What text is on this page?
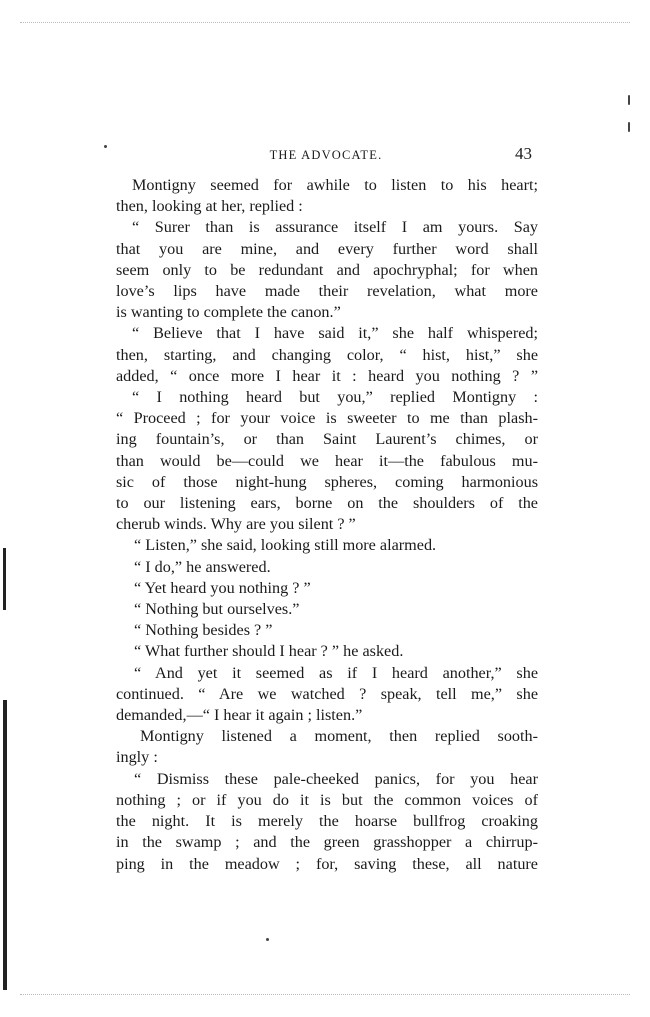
THE ADVOCATE.	43
Montigny seemed for awhile to listen to his heart;
then, looking at her, replied :
“ Surer than is assurance itself I am yours. Say
that you are mine, and every further word shall
seem only to be redundant and apochryphal; for when
love’s lips have made their revelation, what more
is wanting to complete the canon.”
“ Believe that I have said it,” she half whispered;
then, starting, and changing color, “ hist, hist,” she
added, “ once more I hear it : heard you nothing ? ”
“ I nothing heard but you,” replied Montigny :
“ Proceed ; for your voice is sweeter to me than plash-
ing fountain’s, or than Saint Laurent’s chimes, or
than would be—could we hear it—the fabulous mu-
sic of those night-hung spheres, coming harmonious
to our listening ears, borne on the shoulders of the
cherub winds. Why are you silent ? ”
“ Listen,” she said, looking still more alarmed.
“ I do,” he answered.
“ Yet heard you nothing ? ”
“ Nothing but ourselves.”
“ Nothing besides ? ”
“ What further should I hear ? ” he asked.
“ And yet it seemed as if I heard another,” she
continued. “ Are we watched ? speak, tell me,” she
demanded,—“ I hear it again ; listen.”
Montigny listened a moment, then replied sooth-
ingly :
“ Dismiss these pale-cheeked panics, for you hear
nothing ; or if you do it is but the common voices of
the night. It is merely the hoarse bullfrog croaking
in the swamp ; and the green grasshopper a chirrup-
ping in the meadow ; for, saving these, all nature
